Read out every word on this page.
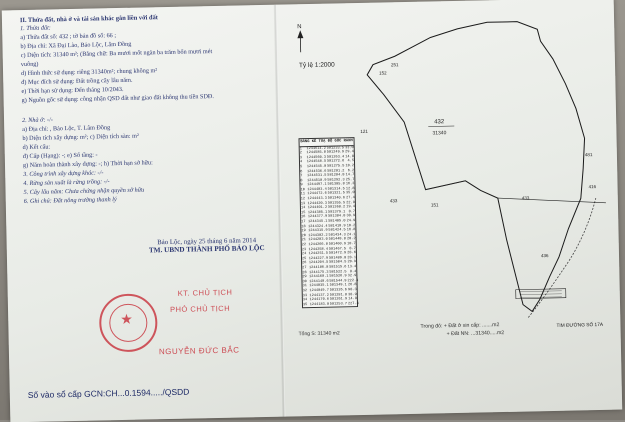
II. Thửa đất, nhà ở và tài sản khác gắn liền với đất

1. Thửa đất:

a) Thửa đất số: 432 ; tờ bản đồ số: 66 ;

b) Địa chỉ: Xã Đại Lào, Bảo Lộc, Lâm Đồng

c) Diện tích: 31340 m²; (Bằng chữ: Ba mươi mốt ngàn ba trăm bốn mươi mét

vuông)

d) Hình thức sử dụng: riêng 31340m²; chung không m²

đ) Mục đích sử dụng: Đất trồng cây lâu năm.

e) Thời hạn sử dụng: Đến tháng 10/2043.

g) Nguồn gốc sử dụng: công nhận QSD đất như giao đất không thu tiền SDĐ.

2. Nhà ở: -/-

a) Địa chỉ: , Bảo Lộc, T. Lâm Đồng

b) Diện tích xây dựng: m²; c) Diện tích sàn: m²

d) Kết cấu:

đ) Cấp (Hạng): -; e) Số tầng: -

g) Năm hoàn thành xây dựng: -; h) Thời hạn sở hữu:

3. Công trình xây dựng khác: -/-

4. Rừng sản xuất là rừng trồng: -/-

5. Cây lâu năm: Chưa chứng nhận quyền sở hữu

6. Ghi chú: Đất nông trường thanh lý

Bảo Lộc, ngày 25 tháng 6 năm 2014
TM. UBND THÀNH PHỐ BẢO LỘC
★
KT. CHỦ TỊCH
PHÓ CHỦ TỊCH
NGUYỄN ĐỨC BẮC
Số vào sổ cấp GCN:CH...0.1594...../QSDD
Tỷ lệ 1:2000
N
432
31340
121
251
152
151
481
416
433
436
433
BẢNG KÊ TOẠ ĐỘ GÓC RANH
1	1244614.2 581233.5 33.0
2	1244585.8 581249.9 29.4
3	1244560.3 581263.4 14.8
4	1244548.5 581272.6 4.5
5	1244545.0 581275.5 10.2
6	1244536.6 581281.2 6.2
7	1244531.5 581284.8 14.7
8	1244518.9 581292.3 25.7
9	1244497.1 581305.8 16.3
10 1244483.4 581314.5 12.8
11 1244472.6 581321.5 35.0
12 1244443.3 581340.6 27.4
13 1244420.3 581355.5 22.9
14 1244401.2 581368.2 19.4
15 1244385.1 581379.1 8.7
16 1244377.9 581384.0 38.9
17 1244345.1 581405.0 24.9
18 1244324.4 581418.9 10.2
19 1244315.9 581424.5 16.8
20 1244302.2 581434.3 24.1
21 1244283.0 581448.8 20.2
22 1244266.8 581460.9 10.7
23 1244258.4 581467.5 8.7
24 1244251.5 581472.9 28.6
25 1244227.9 581489.0 28.1
26 1244204.5 581504.5 20.9
27 1244186.8 581515.6 13.4
28 1244175.3 581522.5 8.4
29 1244168.1 581526.9 32.9
30 1244140.6 581544.9 222.4
31 1244035.1 581349.1 26.8
32 1244049.7 581326.6 98.3
33 1244137.2 581281.8 38.9
34 1244170.6 581261.9 14.9
35 1244183.0 581253.7 227.4
Tổng S: 31340 m2
Trong đó: + Đất ở xin cấp: .......m2
+ Đất NN: ...31340.....m2
TIM ĐƯỜNG SỐ 17A
